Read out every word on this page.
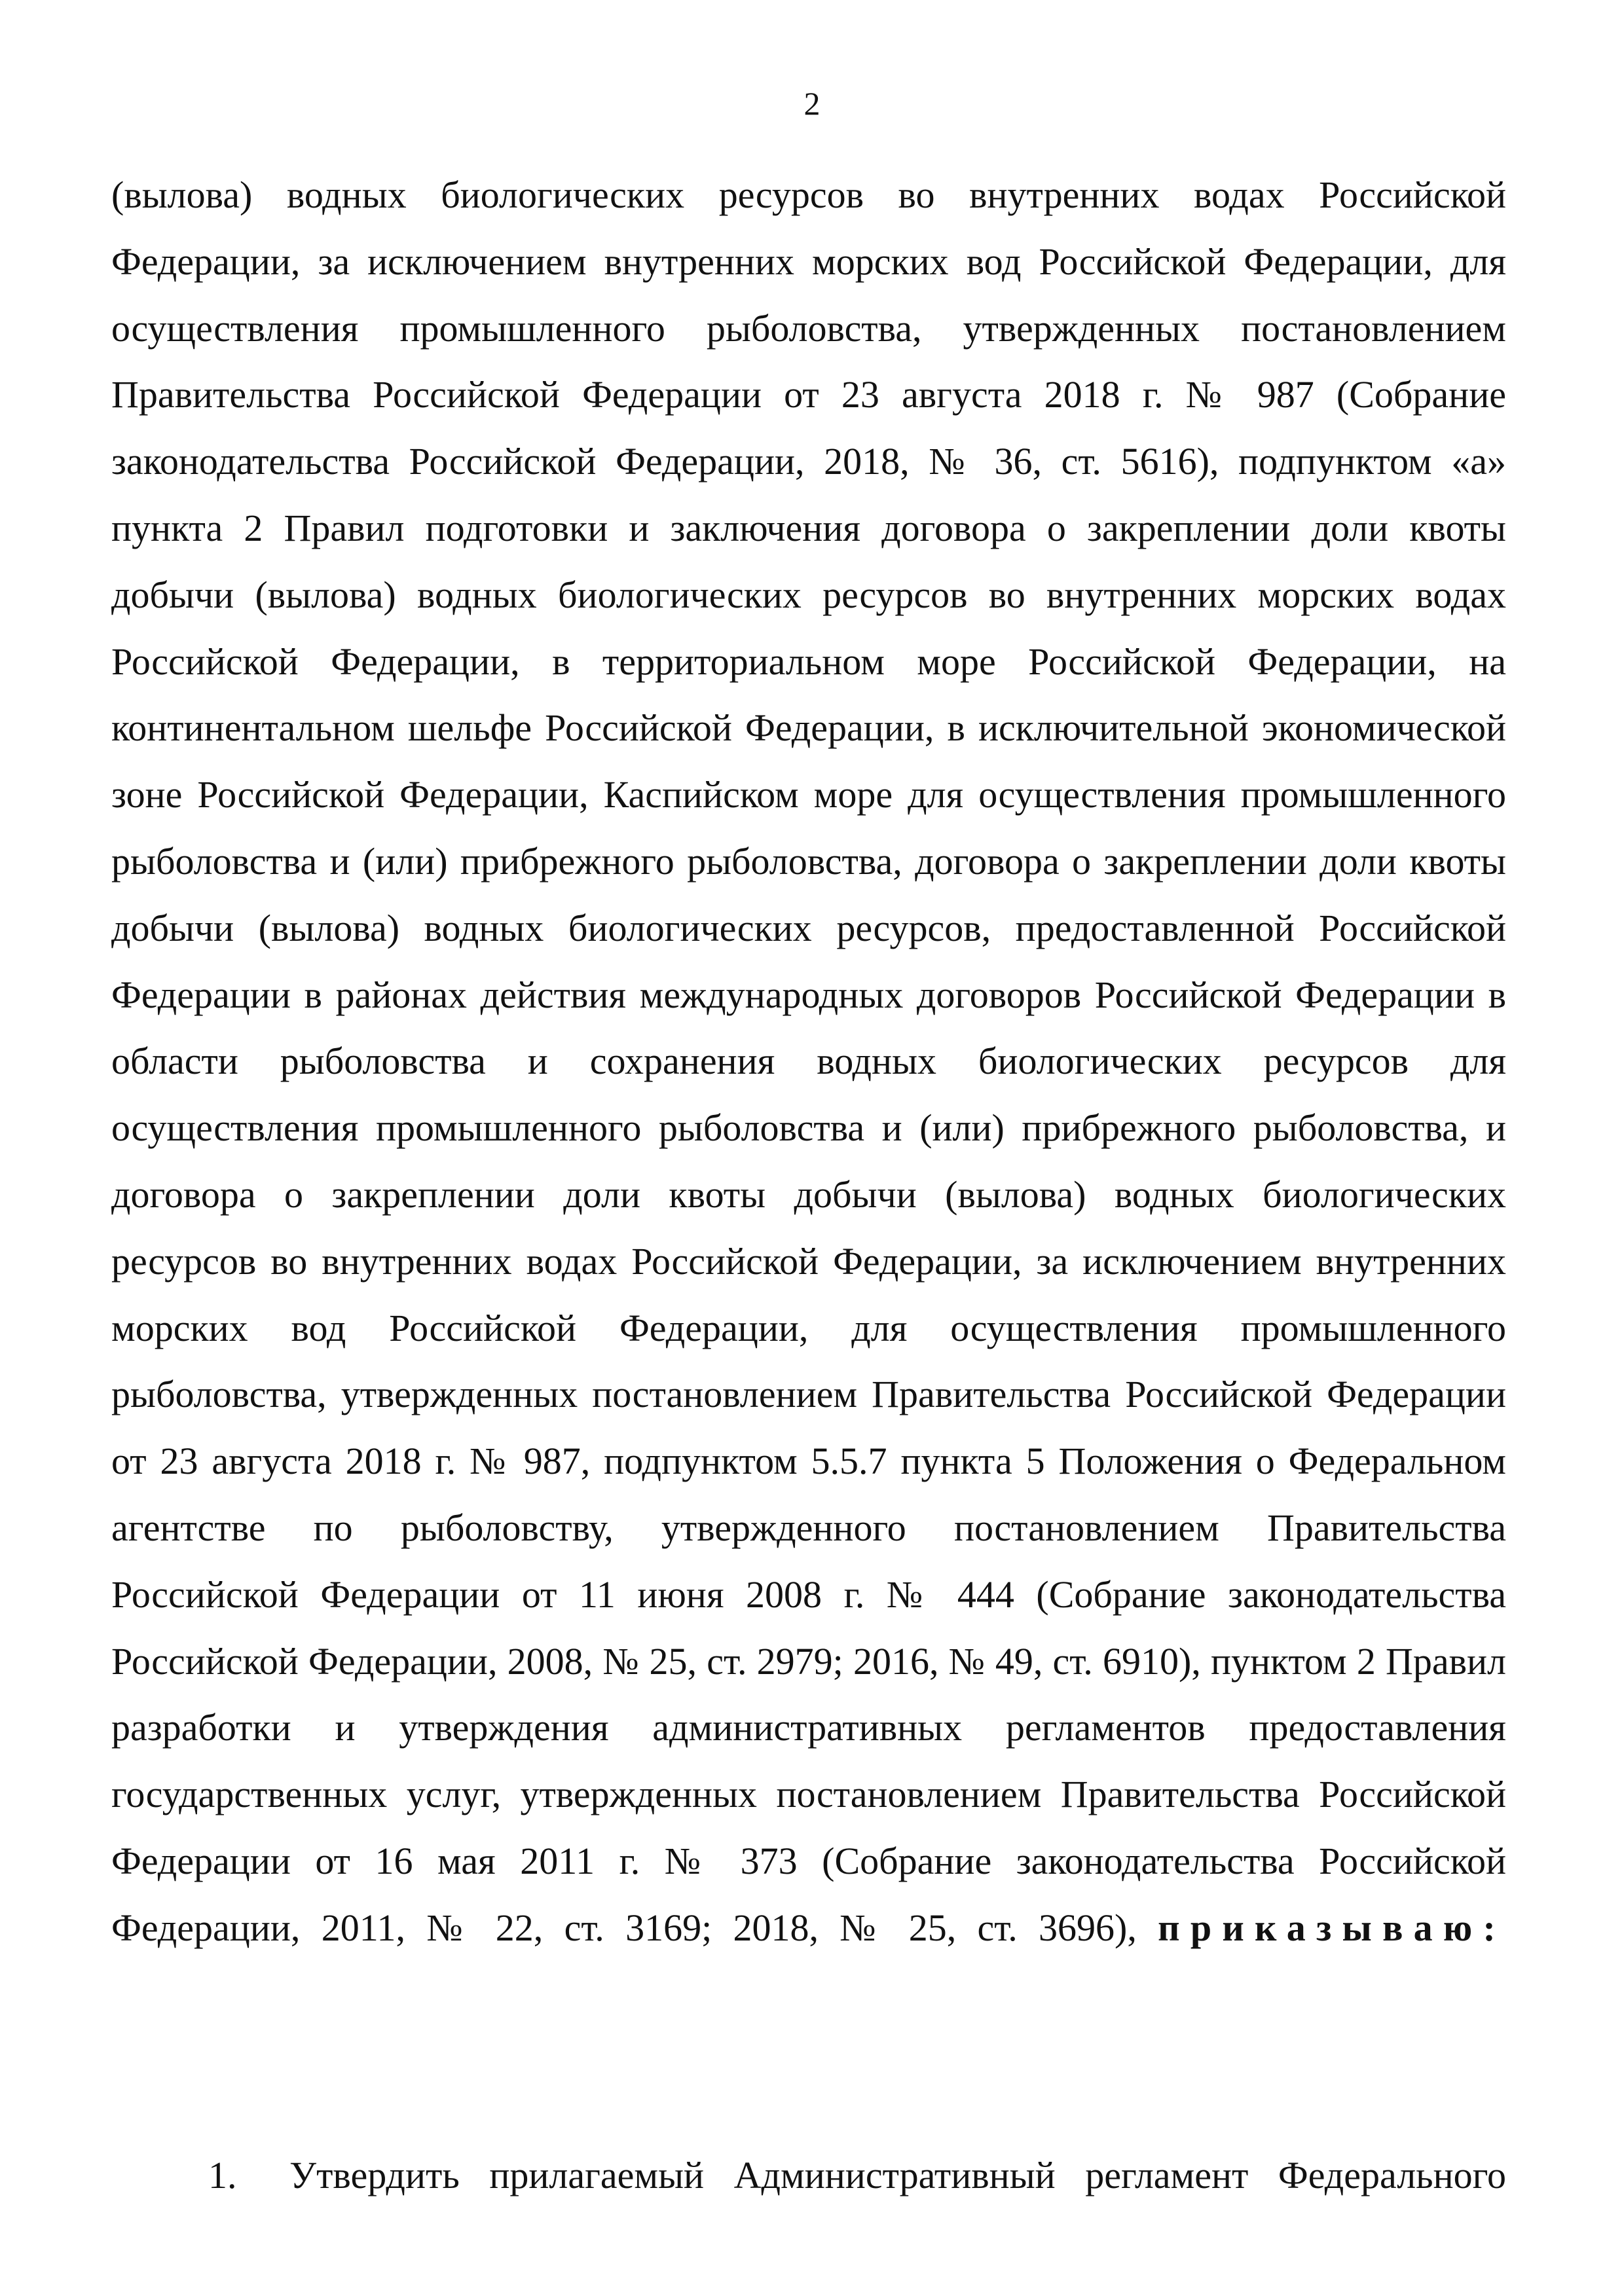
2

(вылова) водных биологических ресурсов во внутренних водах Российской Федерации, за исключением внутренних морских вод Российской Федерации, для осуществления промышленного рыболовства, утвержденных постановлением Правительства Российской Федерации от 23 августа 2018 г. № 987 (Собрание законодательства Российской Федерации, 2018, № 36, ст. 5616), подпунктом «а» пункта 2 Правил подготовки и заключения договора о закреплении доли квоты добычи (вылова) водных биологических ресурсов во внутренних морских водах Российской Федерации, в территориальном море Российской Федерации, на континентальном шельфе Российской Федерации, в исключительной экономической зоне Российской Федерации, Каспийском море для осуществления промышленного рыболовства и (или) прибрежного рыболовства, договора о закреплении доли квоты добычи (вылова) водных биологических ресурсов, предоставленной Российской Федерации в районах действия международных договоров Российской Федерации в области рыболовства и сохранения водных биологических ресурсов для осуществления промышленного рыболовства и (или) прибрежного рыболовства, и договора о закреплении доли квоты добычи (вылова) водных биологических ресурсов во внутренних водах Российской Федерации, за исключением внутренних морских вод Российской Федерации, для осуществления промышленного рыболовства, утвержденных постановлением Правительства Российской Федерации от 23 августа 2018 г. № 987, подпунктом 5.5.7 пункта 5 Положения о Федеральном агентстве по рыболовству, утвержденного постановлением Правительства Российской Федерации от 11 июня 2008 г. № 444 (Собрание законодательства Российской Федерации, 2008, № 25, ст. 2979; 2016, № 49, ст. 6910), пунктом 2 Правил разработки и утверждения административных регламентов предоставления государственных услуг, утвержденных постановлением Правительства Российской Федерации от 16 мая 2011 г. № 373 (Собрание законодательства Российской Федерации, 2011, № 22, ст. 3169; 2018, № 25, ст. 3696), приказываю:

1.	Утвердить прилагаемый Административный регламент Федерального
